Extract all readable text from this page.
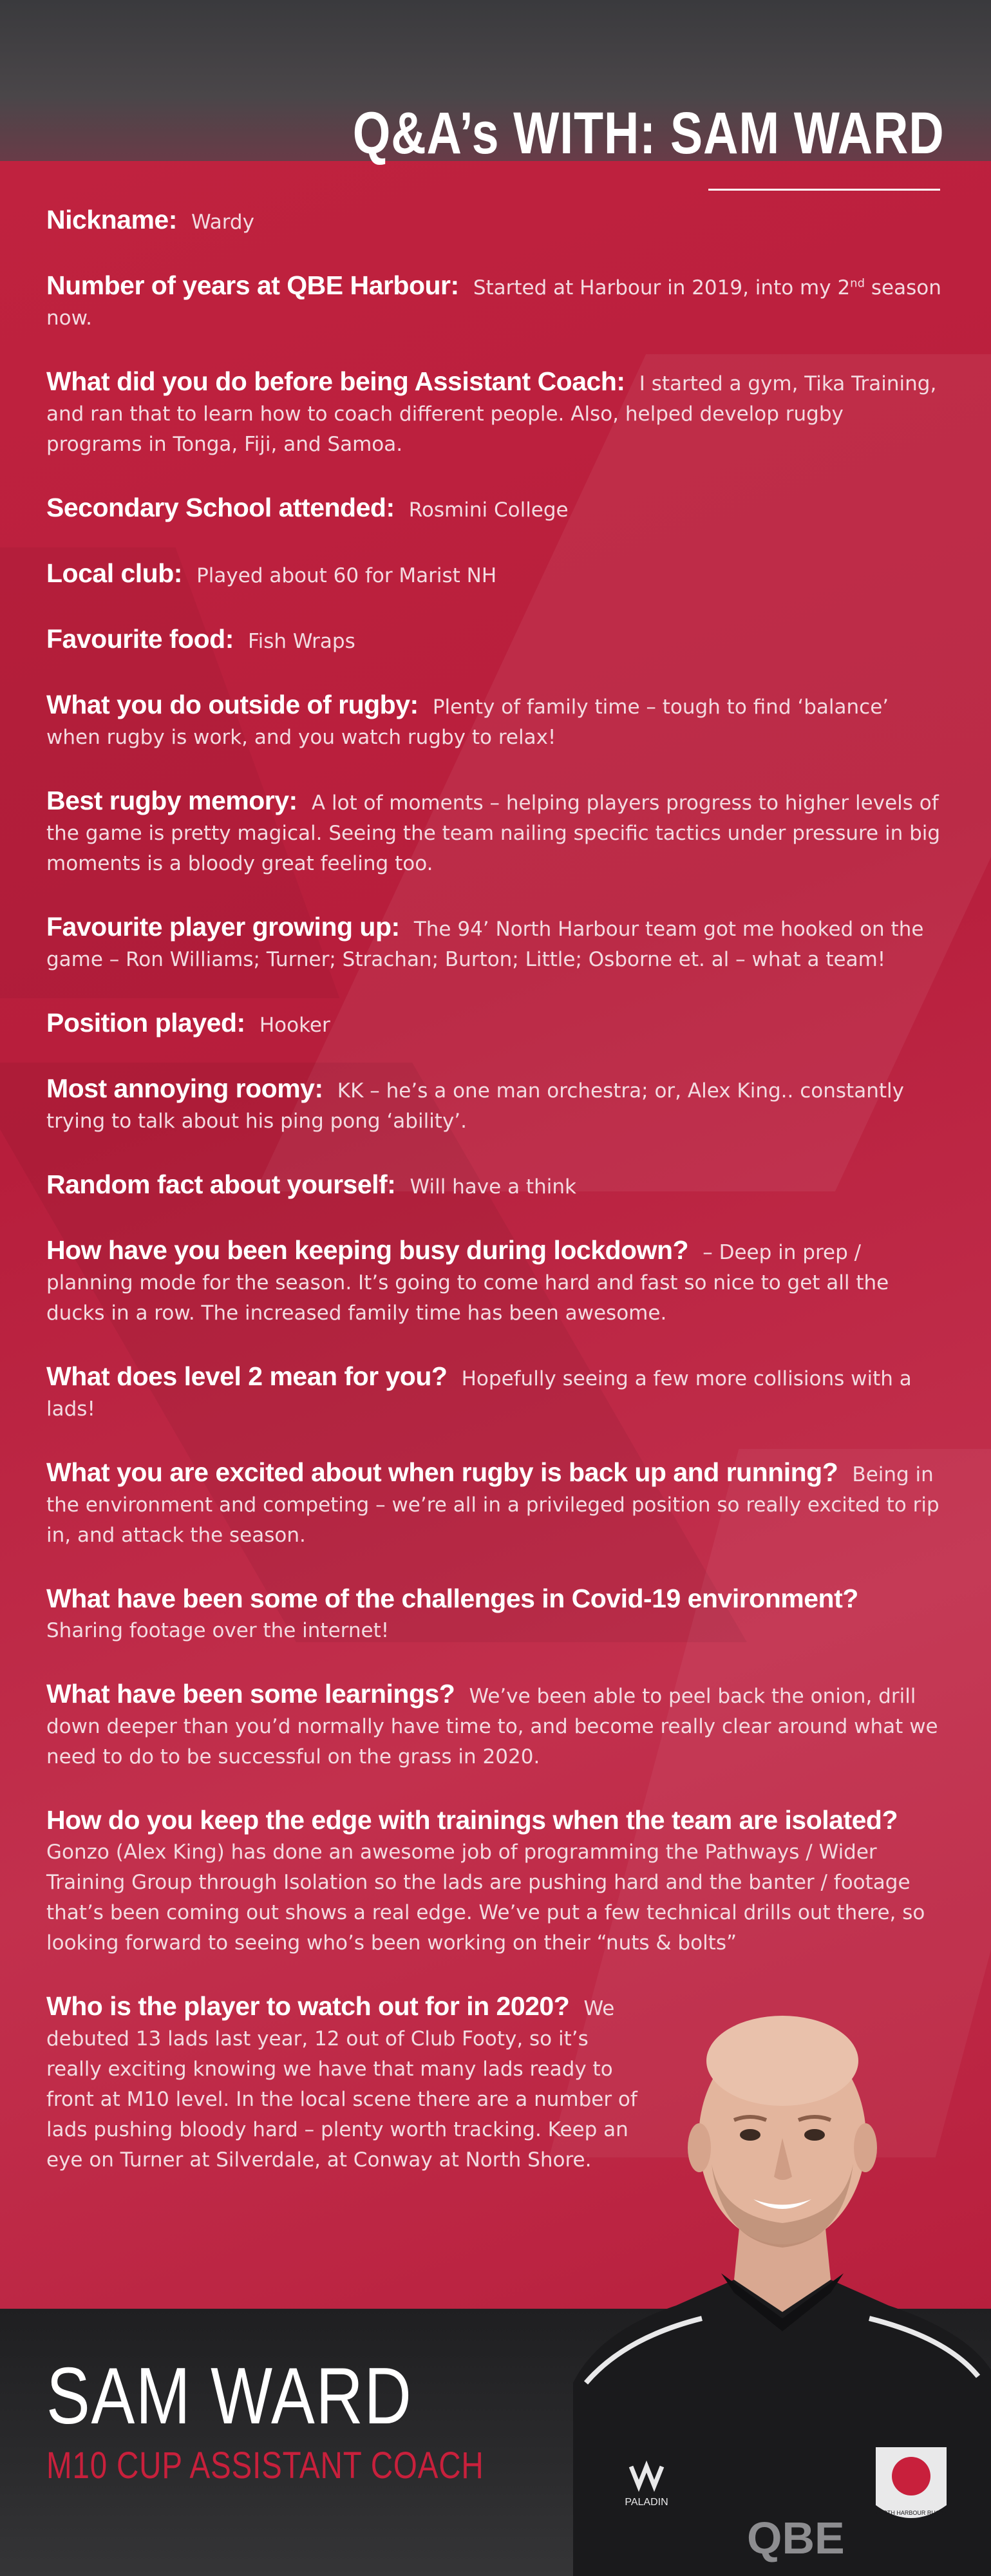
Q&A’s WITH: SAM WARD

Nickname: Wardy

Number of years at QBE Harbour: Started at Harbour in 2019, into my 2nd season now.

What did you do before being Assistant Coach: I started a gym, Tika Training, and ran that to learn how to coach different people. Also, helped develop rugby programs in Tonga, Fiji, and Samoa.

Secondary School attended: Rosmini College

Local club: Played about 60 for Marist NH

Favourite food: Fish Wraps

What you do outside of rugby: Plenty of family time – tough to find ‘balance’ when rugby is work, and you watch rugby to relax!

Best rugby memory: A lot of moments – helping players progress to higher levels of the game is pretty magical. Seeing the team nailing specific tactics under pressure in big moments is a bloody great feeling too.

Favourite player growing up: The 94’ North Harbour team got me hooked on the game – Ron Williams; Turner; Strachan; Burton; Little; Osborne et. al – what a team!

Position played: Hooker

Most annoying roomy: KK – he’s a one man orchestra; or, Alex King.. constantly trying to talk about his ping pong ‘ability’.

Random fact about yourself: Will have a think

How have you been keeping busy during lockdown? – Deep in prep / planning mode for the season. It’s going to come hard and fast so nice to get all the ducks in a row. The increased family time has been awesome.

What does level 2 mean for you? Hopefully seeing a few more collisions with a lads!

What you are excited about when rugby is back up and running? Being in the environment and competing – we’re all in a privileged position so really excited to rip in, and attack the season.

What have been some of the challenges in Covid-19 environment? Sharing footage over the internet!

What have been some learnings? We’ve been able to peel back the onion, drill down deeper than you’d normally have time to, and become really clear around what we need to do to be successful on the grass in 2020.

How do you keep the edge with trainings when the team are isolated? Gonzo (Alex King) has done an awesome job of programming the Pathways / Wider Training Group through Isolation so the lads are pushing hard and the banter / footage that’s been coming out shows a real edge. We’ve put a few technical drills out there, so looking forward to seeing who’s been working on their “nuts & bolts”

Who is the player to watch out for in 2020? We debuted 13 lads last year, 12 out of Club Footy, so it’s really exciting knowing we have that many lads ready to front at M10 level. In the local scene there are a number of lads pushing bloody hard – plenty worth tracking. Keep an eye on Turner at Silverdale, at Conway at North Shore.

PALADIN
NORTH HARBOUR RUGBY
QBE
SAM WARD
M10 CUP ASSISTANT COACH
